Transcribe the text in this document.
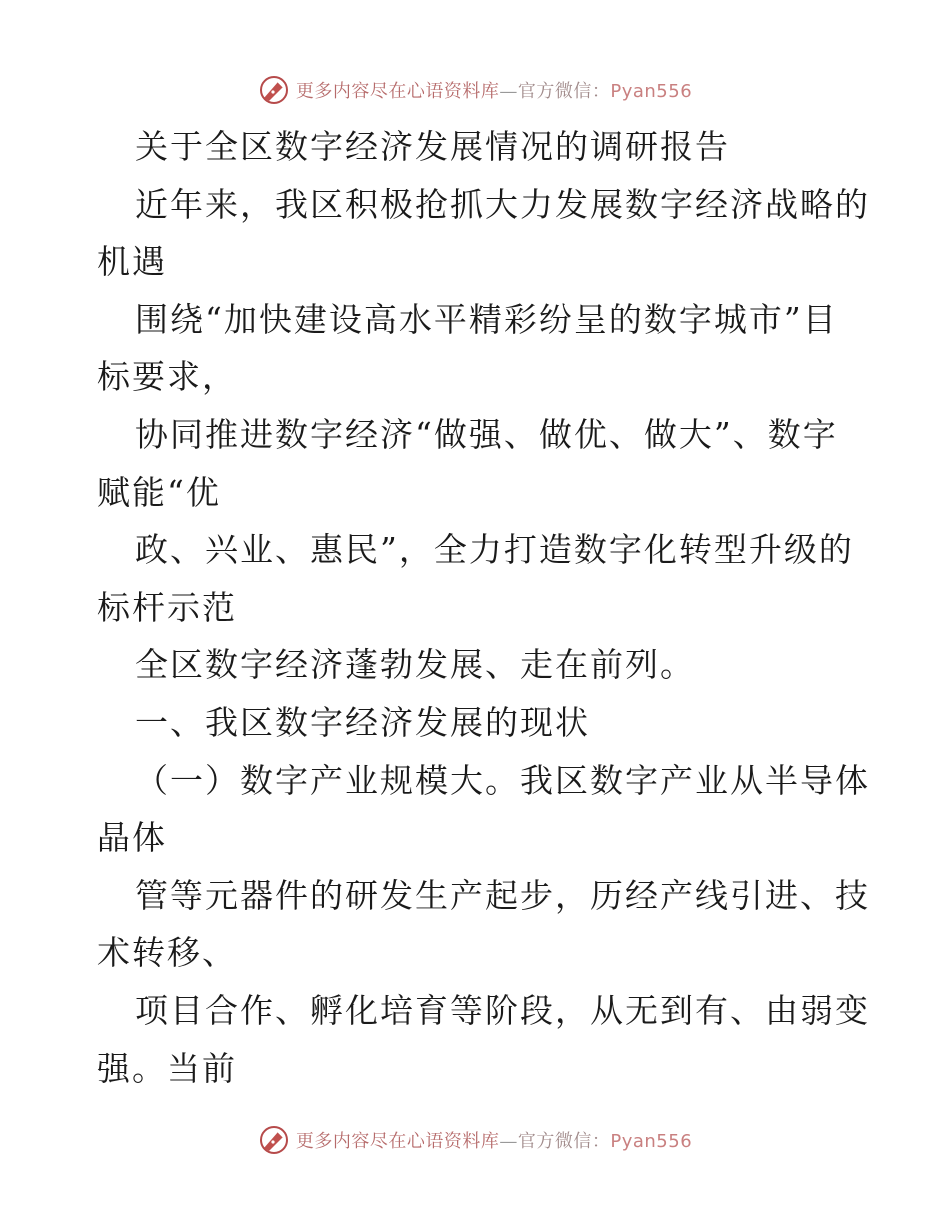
更多内容尽在心语资料库—官方微信：Pyan556
关于全区数字经济发展情况的调研报告
近年来，我区积极抢抓大力发展数字经济战略的
机遇
围绕“加快建设高水平精彩纷呈的数字城市”目
标要求，
协同推进数字经济“做强、做优、做大”、数字
赋能“优
政、兴业、惠民”，全力打造数字化转型升级的
标杆示范
全区数字经济蓬勃发展、走在前列。
一、我区数字经济发展的现状
（一）数字产业规模大。我区数字产业从半导体
晶体
管等元器件的研发生产起步，历经产线引进、技
术转移、
项目合作、孵化培育等阶段，从无到有、由弱变
强。当前
更多内容尽在心语资料库—官方微信：Pyan556
